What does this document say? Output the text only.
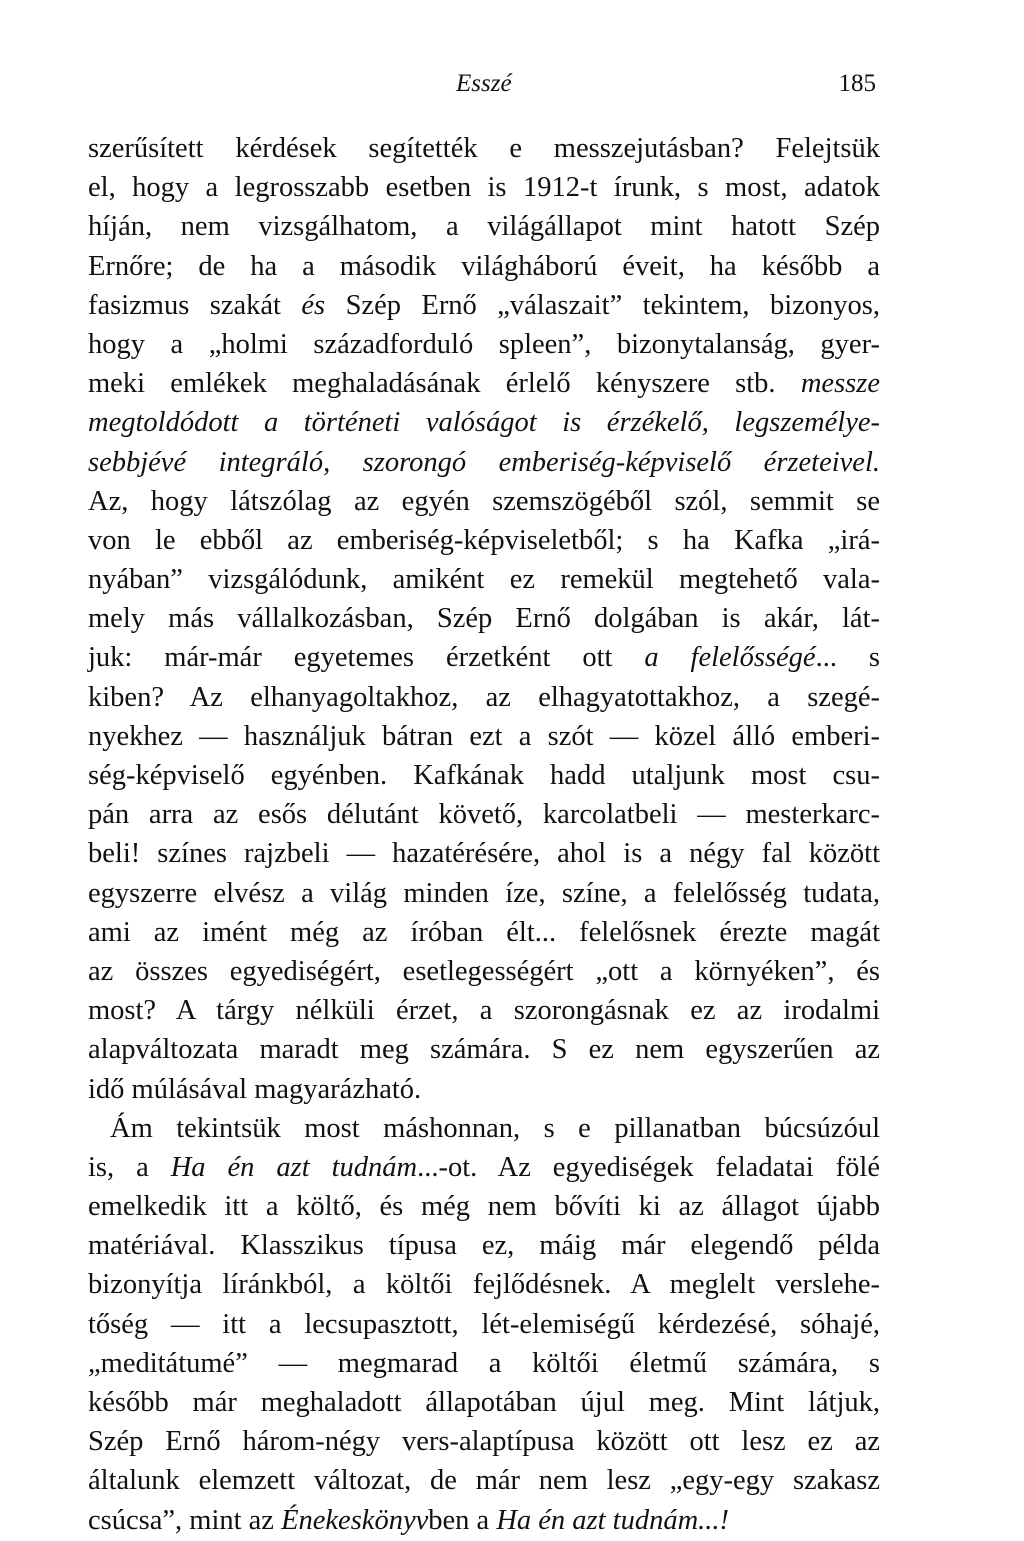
Esszé	185
szerűsített kérdések segítették e messzejutásban? Felejtsük
el, hogy a legrosszabb esetben is 1912-t írunk, s most, adatok
híján, nem vizsgálhatom, a világállapot mint hatott Szép
Ernőre; de ha a második világháború éveit, ha később a
fasizmus szakát és Szép Ernő „válaszait” tekintem, bizonyos,
hogy a „holmi századforduló spleen”, bizonytalanság, gyer-
meki emlékek meghaladásának érlelő kényszere stb. messze
megtoldódott a történeti valóságot is érzékelő, legszemélye-
sebbjévé integráló, szorongó emberiség-képviselő érzeteivel.
Az, hogy látszólag az egyén szemszögéből szól, semmit se
von le ebből az emberiség-képviseletből; s ha Kafka „irá-
nyában” vizsgálódunk, amiként ez remekül megtehető vala-
mely más vállalkozásban, Szép Ernő dolgában is akár, lát-
juk: már-már egyetemes érzetként ott a felelősségé... s
kiben? Az elhanyagoltakhoz, az elhagyatottakhoz, a szegé-
nyekhez — használjuk bátran ezt a szót — közel álló emberi-
ség-képviselő egyénben. Kafkának hadd utaljunk most csu-
pán arra az esős délutánt követő, karcolatbeli — mesterkarc-
beli! színes rajzbeli — hazatérésére, ahol is a négy fal között
egyszerre elvész a világ minden íze, színe, a felelősség tudata,
ami az imént még az íróban élt... felelősnek érezte magát
az összes egyediségért, esetlegességért „ott a környéken”, és
most? A tárgy nélküli érzet, a szorongásnak ez az irodalmi
alapváltozata maradt meg számára. S ez nem egyszerűen az
idő múlásával magyarázható.
Ám tekintsük most máshonnan, s e pillanatban búcsúzóul
is, a Ha én azt tudnám...-ot. Az egyediségek feladatai fölé
emelkedik itt a költő, és még nem bővíti ki az állagot újabb
matériával. Klasszikus típusa ez, máig már elegendő példa
bizonyítja líránkból, a költői fejlődésnek. A meglelt verslehe-
tőség — itt a lecsupasztott, lét-elemiségű kérdezésé, sóhajé,
„meditátumé” — megmarad a költői életmű számára, s
később már meghaladott állapotában újul meg. Mint látjuk,
Szép Ernő három-négy vers-alaptípusa között ott lesz ez az
általunk elemzett változat, de már nem lesz „egy-egy szakasz
csúcsa”, mint az Énekeskönyvben a Ha én azt tudnám...!
